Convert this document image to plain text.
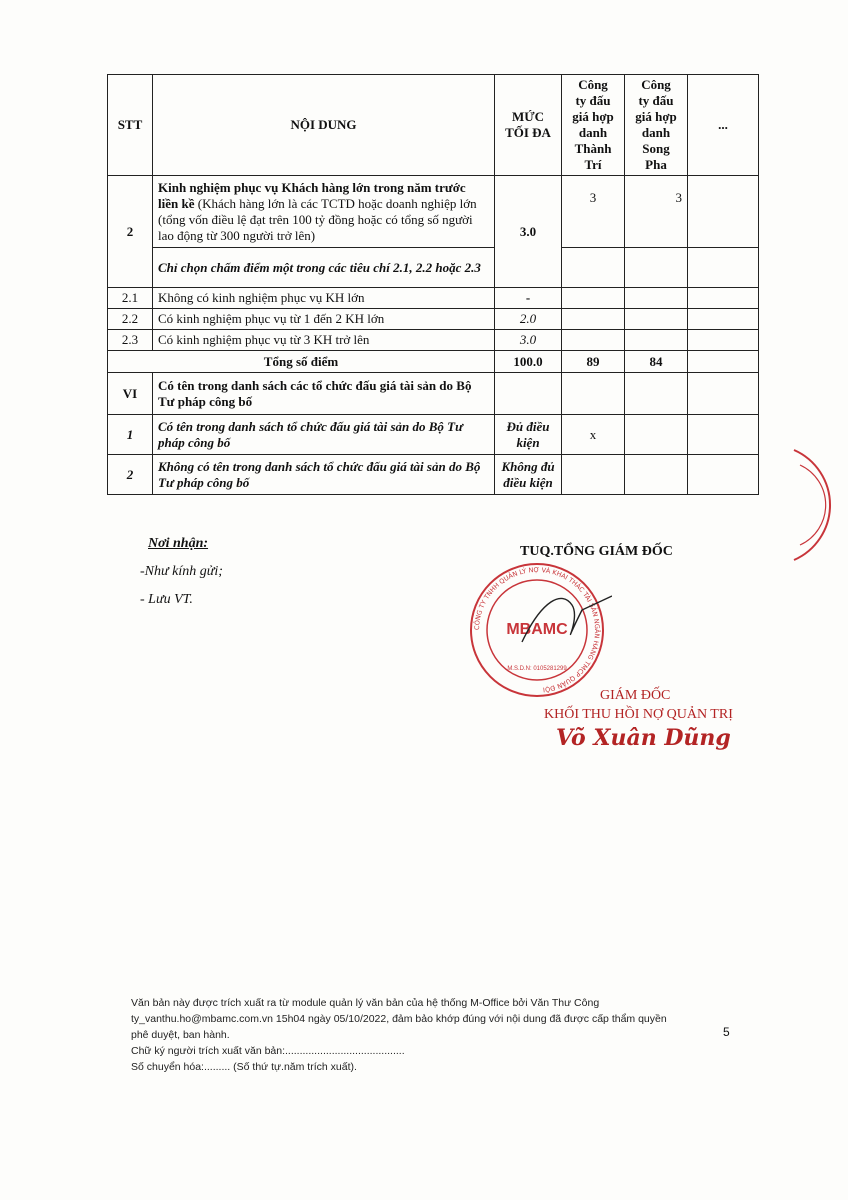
STT	NỘI DUNG	MỨC TỐI ĐA	Công ty đấu giá hợp danh Thành Trí	Công ty đấu giá hợp danh Song Pha	...
2	Kinh nghiệm phục vụ Khách hàng lớn trong năm trước liền kề (Khách hàng lớn là các TCTD hoặc doanh nghiệp lớn (tổng vốn điều lệ đạt trên 100 tỷ đồng hoặc có tổng số người lao động từ 300 người trở lên)	3.0	3	3	
	Chỉ chọn chấm điểm một trong các tiêu chí 2.1, 2.2 hoặc 2.3				
2.1	Không có kinh nghiệm phục vụ KH lớn	-			
2.2	Có kinh nghiệm phục vụ từ 1 đến 2 KH lớn	2.0			
2.3	Có kinh nghiệm phục vụ từ 3 KH trở lên	3.0			
Tổng số điểm		100.0	89	84	
VI	Có tên trong danh sách các tổ chức đấu giá tài sản do Bộ Tư pháp công bố				
1	Có tên trong danh sách tổ chức đấu giá tài sản do Bộ Tư pháp công bố	Đủ điều kiện	x		
2	Không có tên trong danh sách tổ chức đấu giá tài sản do Bộ Tư pháp công bố	Không đủ điều kiện			
Nơi nhận:
-Như kính gửi;
- Lưu VT.
TUQ.TỔNG GIÁM ĐỐC
CÔNG TY TNHH QUẢN LÝ NỢ VÀ KHAI THÁC TÀI SẢN NGÂN HÀNG TMCP QUÂN ĐỘI
MBAMC
M.S.D.N: 0105281299
GIÁM ĐỐC
KHỐI THU HỒI NỢ QUẢN TRỊ
Võ Xuân Dũng
Văn bản này được trích xuất ra từ module quản lý văn bản của hệ thống M-Office bởi Văn Thư Công
ty_vanthu.ho@mbamc.com.vn 15h04 ngày 05/10/2022, đảm bảo khớp đúng với nội dung đã được cấp thẩm quyền
phê duyệt, ban hành.
Chữ ký người trích xuất văn bản:.........................................
Số chuyển hóa:......... (Số thứ tự.năm trích xuất).
5
